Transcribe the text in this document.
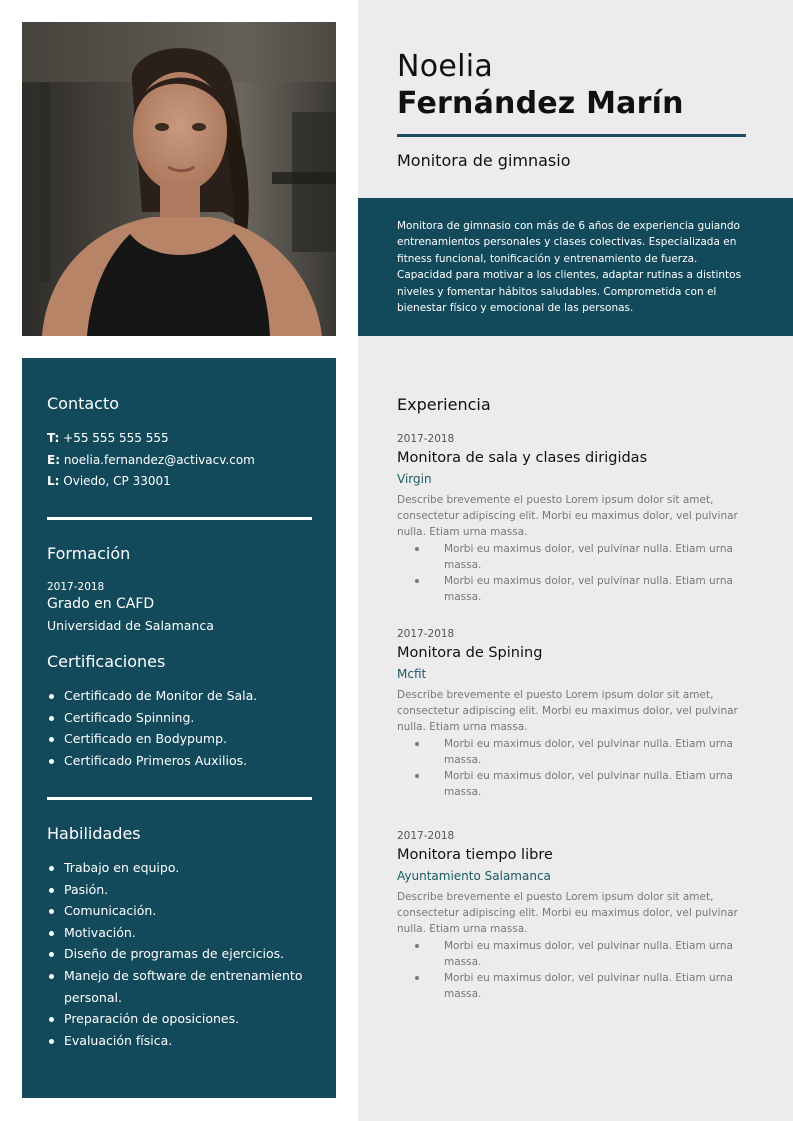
Noelia
Fernández Marín
Monitora de gimnasio
Monitora de gimnasio con más de 6 años de experiencia guiando entrenamientos personales y clases colectivas. Especializada en fitness funcional, tonificación y entrenamiento de fuerza. Capacidad para motivar a los clientes, adaptar rutinas a distintos niveles y fomentar hábitos saludables. Comprometida con el bienestar físico y emocional de las personas.
Contacto
T: +55 555 555 555
E: noelia.fernandez@activacv.com
L: Oviedo, CP 33001
Formación
2017-2018
Grado en CAFD
Universidad de Salamanca
Certificaciones
Certificado de Monitor de Sala.
Certificado Spinning.
Certificado en Bodypump.
Certificado Primeros Auxilios.
Habilidades
Trabajo en equipo.
Pasión.
Comunicación.
Motivación.
Diseño de programas de ejercicios.
Manejo de software de entrenamiento personal.
Preparación de oposiciones.
Evaluación física.
Experiencia
2017-2018
Monitora de sala y clases dirigidas
Virgin
Describe brevemente el puesto Lorem ipsum dolor sit amet, consectetur adipiscing elit. Morbi eu maximus dolor, vel pulvinar nulla. Etiam urna massa.
Morbi eu maximus dolor, vel pulvinar nulla. Etiam urna massa.
Morbi eu maximus dolor, vel pulvinar nulla. Etiam urna massa.
2017-2018
Monitora de Spining
Mcfit
Describe brevemente el puesto Lorem ipsum dolor sit amet, consectetur adipiscing elit. Morbi eu maximus dolor, vel pulvinar nulla. Etiam urna massa.
Morbi eu maximus dolor, vel pulvinar nulla. Etiam urna massa.
Morbi eu maximus dolor, vel pulvinar nulla. Etiam urna massa.
2017-2018
Monitora tiempo libre
Ayuntamiento Salamanca
Describe brevemente el puesto Lorem ipsum dolor sit amet, consectetur adipiscing elit. Morbi eu maximus dolor, vel pulvinar nulla. Etiam urna massa.
Morbi eu maximus dolor, vel pulvinar nulla. Etiam urna massa.
Morbi eu maximus dolor, vel pulvinar nulla. Etiam urna massa.
